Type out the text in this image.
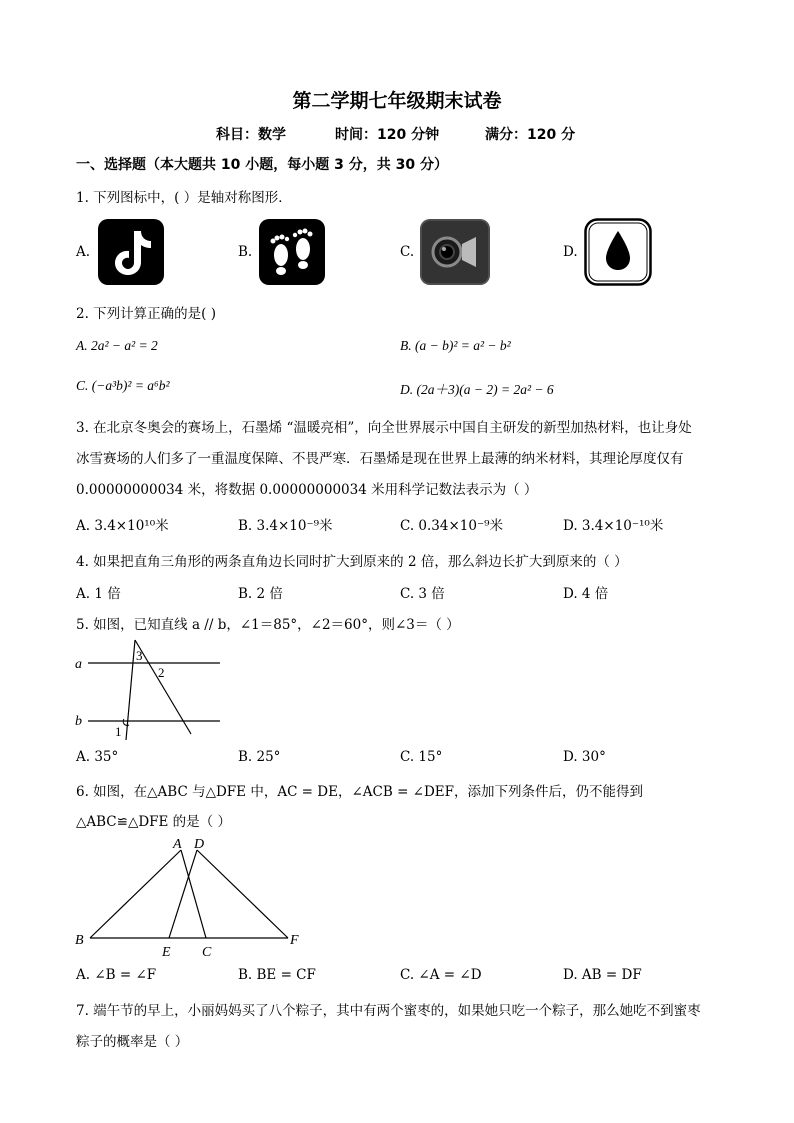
第二学期七年级期末试卷
科目：数学	时间：120 分钟	满分：120 分
一、选择题（本大题共 10 小题，每小题 3 分，共 30 分）
1. 下列图标中，( ）是轴对称图形．
A.	B.	C.	D.
2. 下列计算正确的是( )
A. 2a² − a² = 2	B. (a − b)² = a² − b²
C. (−a³b)² = a⁶b²	D. (2a＋3)(a − 2) = 2a² − 6
3. 在北京冬奥会的赛场上，石墨烯 “温暖亮相”，向全世界展示中国自主研发的新型加热材料，也让身处
冰雪赛场的人们多了一重温度保障、不畏严寒．石墨烯是现在世界上最薄的纳米材料，其理论厚度仅有
0.00000000034 米，将数据 0.00000000034 米用科学记数法表示为（ ）
A. 3.4×10¹⁰米	B. 3.4×10⁻⁹米	C. 0.34×10⁻⁹米	D. 3.4×10⁻¹⁰米
4. 如果把直角三角形的两条直角边长同时扩大到原来的 2 倍，那么斜边长扩大到原来的（ ）
A. 1 倍	B. 2 倍	C. 3 倍	D. 4 倍
5. 如图，已知直线 a // b，∠1＝85°，∠2＝60°，则∠3＝（ ）
a
b
1
2
3
A. 35°	B. 25°	C. 15°	D. 30°
6. 如图，在△ABC 与△DFE 中，AC = DE，∠ACB = ∠DEF，添加下列条件后，仍不能得到
△ABC≌△DFE 的是（ ）
A D
B
E C
F
A. ∠B = ∠F	B. BE = CF	C. ∠A = ∠D	D. AB = DF
7. 端午节的早上，小丽妈妈买了八个粽子，其中有两个蜜枣的，如果她只吃一个粽子，那么她吃不到蜜枣
粽子的概率是（ ）
